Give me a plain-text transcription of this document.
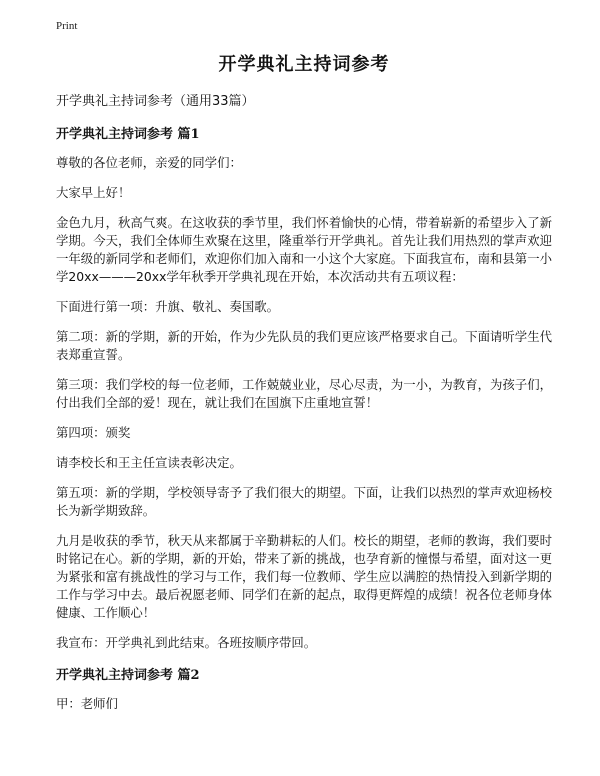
Print
开学典礼主持词参考

开学典礼主持词参考（通用33篇）

开学典礼主持词参考 篇1

尊敬的各位老师，亲爱的同学们：

大家早上好！

金色九月，秋高气爽。在这收获的季节里，我们怀着愉快的心情，带着崭新的希望步入了新学期。今天，我们全体师生欢聚在这里，隆重举行开学典礼。首先让我们用热烈的掌声欢迎一年级的新同学和老师们，欢迎你们加入南和一小这个大家庭。下面我宣布，南和县第一小学20xx———20xx学年秋季开学典礼现在开始，本次活动共有五项议程：

下面进行第一项：升旗、敬礼、奏国歌。

第二项：新的学期，新的开始，作为少先队员的我们更应该严格要求自己。下面请听学生代表郑重宣誓。

第三项：我们学校的每一位老师，工作兢兢业业，尽心尽责，为一小，为教育，为孩子们，付出我们全部的爱！现在，就让我们在国旗下庄重地宣誓！

第四项：颁奖

请李校长和王主任宣读表彰决定。

第五项：新的学期，学校领导寄予了我们很大的期望。下面，让我们以热烈的掌声欢迎杨校长为新学期致辞。

九月是收获的季节，秋天从来都属于辛勤耕耘的人们。校长的期望，老师的教诲，我们要时时铭记在心。新的学期，新的开始，带来了新的挑战，也孕育新的憧憬与希望，面对这一更为紧张和富有挑战性的学习与工作，我们每一位教师、学生应以满腔的热情投入到新学期的工作与学习中去。最后祝愿老师、同学们在新的起点，取得更辉煌的成绩！祝各位老师身体健康、工作顺心！

我宣布：开学典礼到此结束。各班按顺序带回。

开学典礼主持词参考 篇2

甲：老师们
